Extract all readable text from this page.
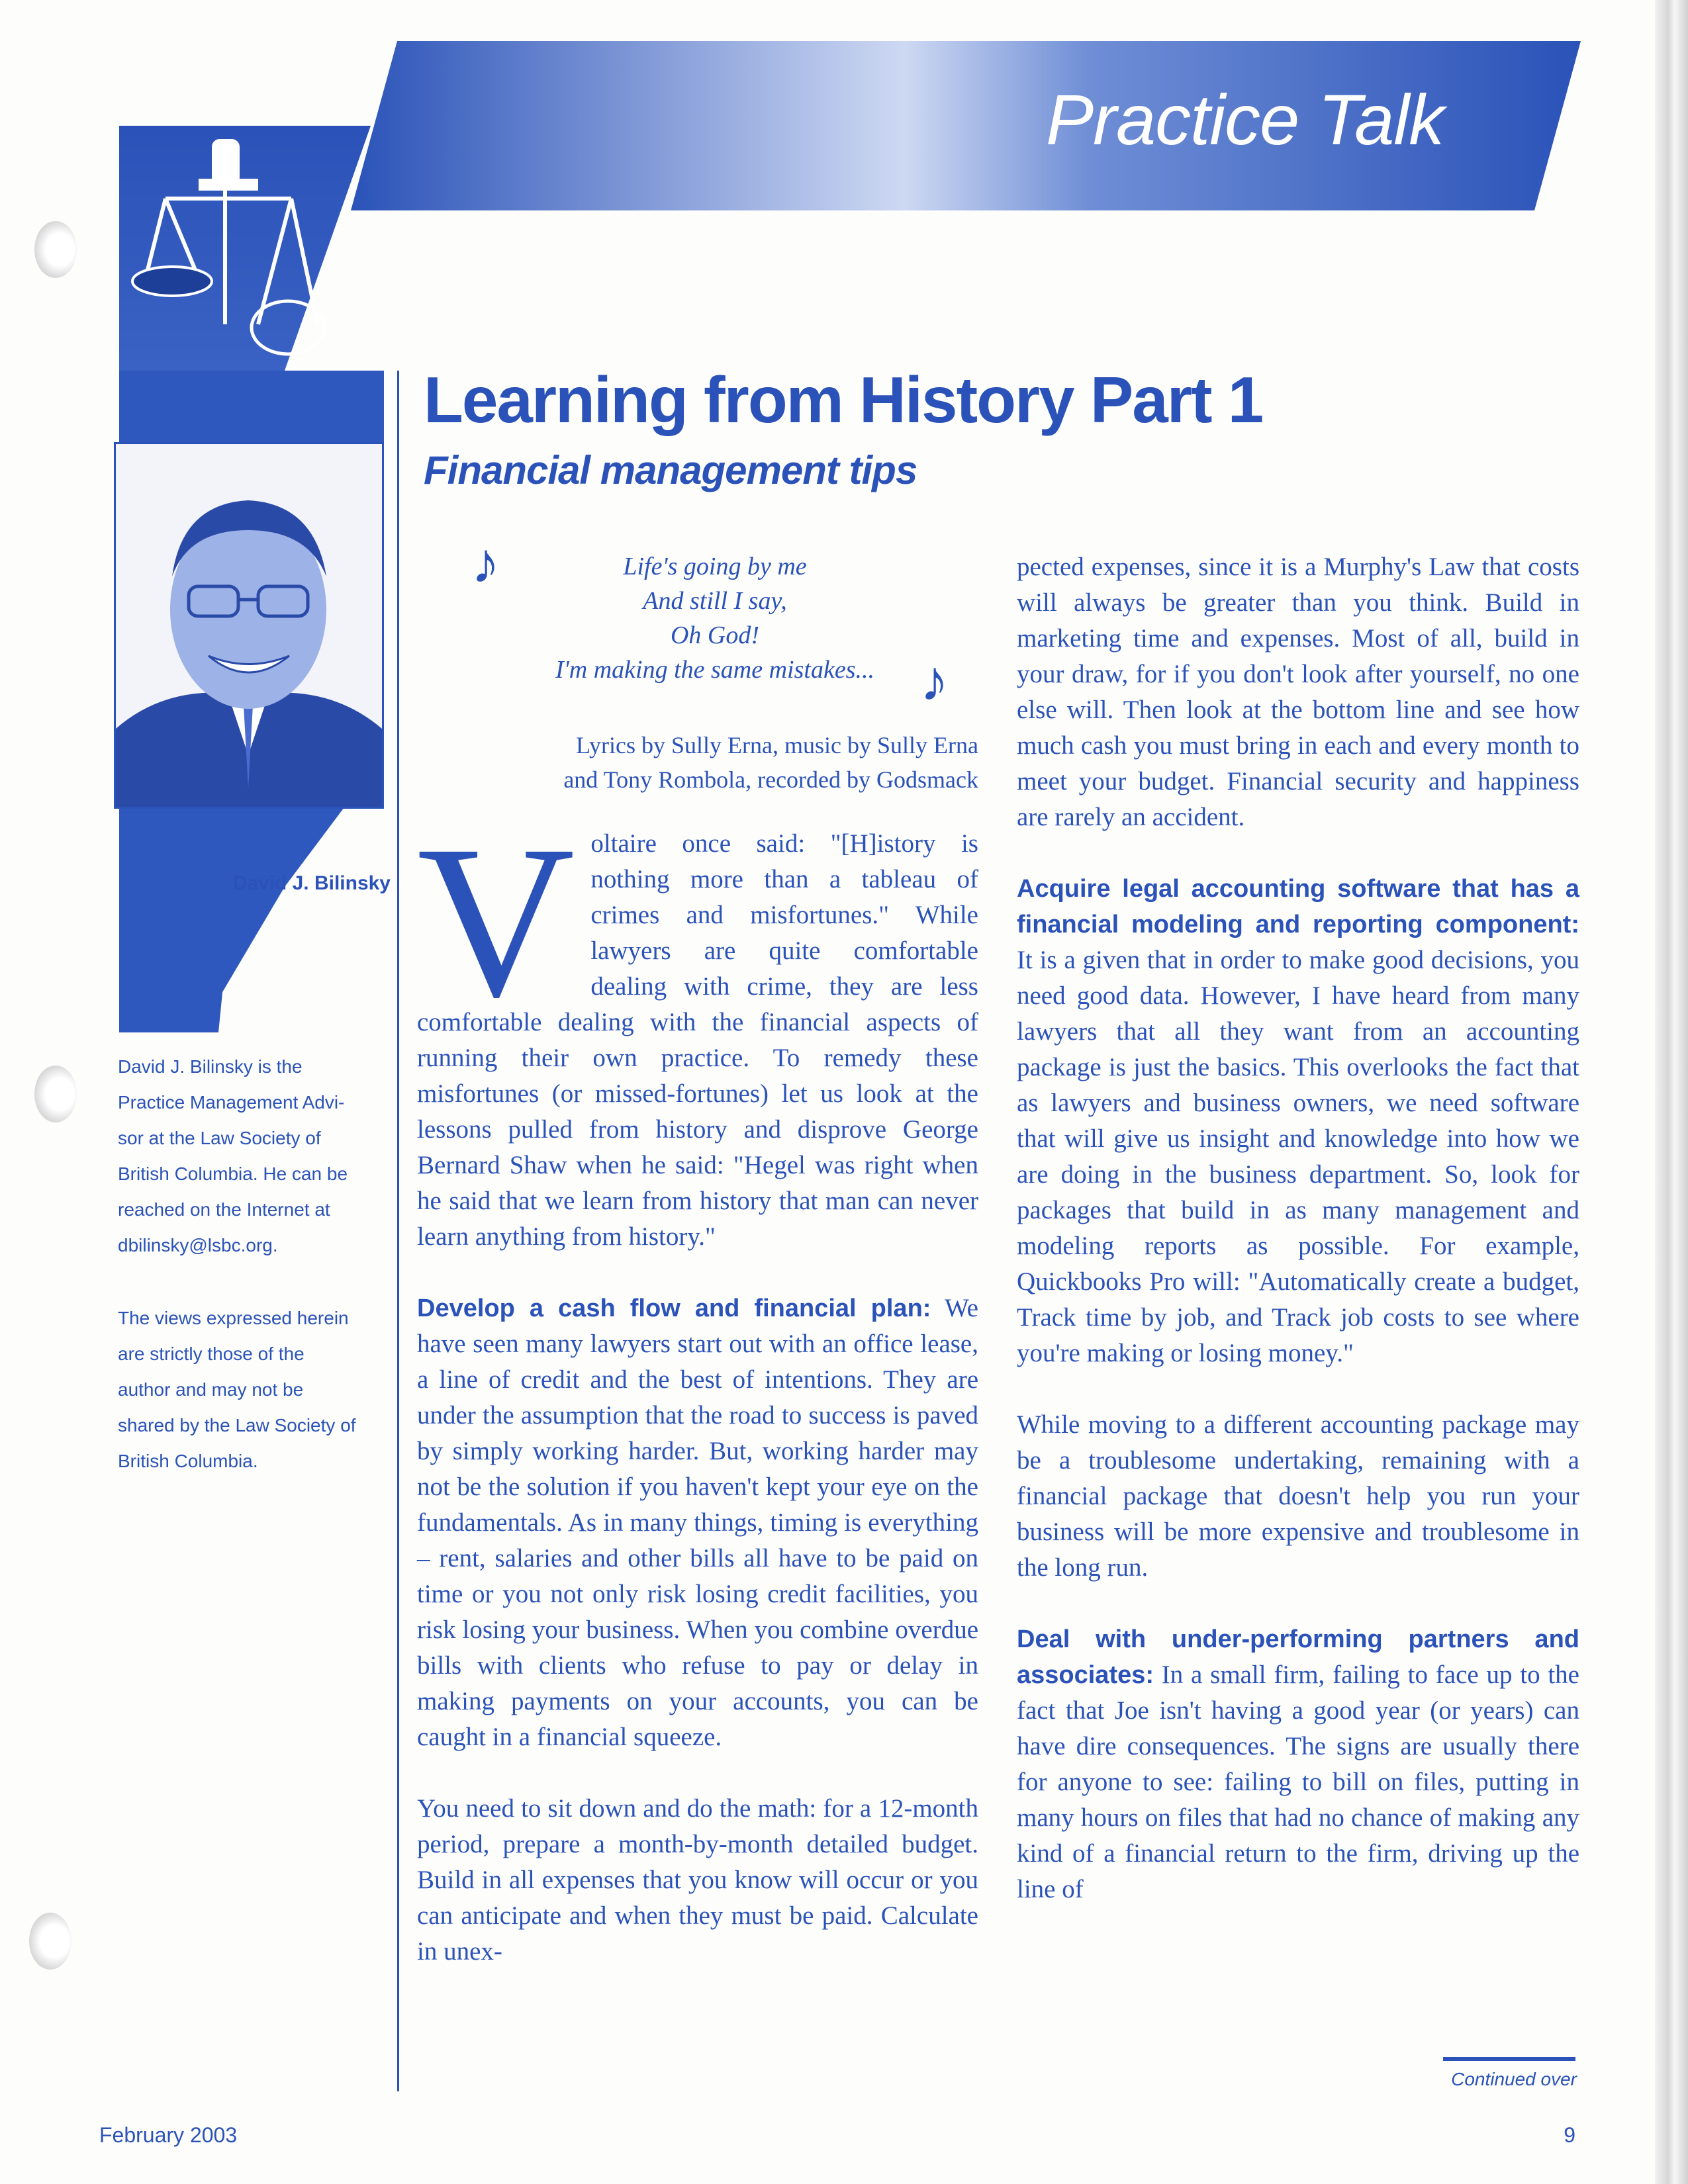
Practice Talk
Learning from History Part 1
Financial management tips
David J. Bilinsky
David J. Bilinsky is the
Practice Management Advi-
sor at the Law Society of
British Columbia. He can be
reached on the Internet at
dbilinsky@lsbc.org.
The views expressed herein
are strictly those of the
author and may not be
shared by the Law Society of
British Columbia.
♪
♪
Life's going by me
And still I say,
Oh God!
I'm making the same mistakes...
Lyrics by Sully Erna, music by Sully Erna
and Tony Rombola, recorded by Godsmack

Voltaire once said: "[H]istory is nothing more than a tableau of crimes and misfortunes." While lawyers are quite comfortable dealing with crime, they are less comfortable dealing with the financial aspects of running their own practice. To remedy these misfortunes (or missed-fortunes) let us look at the lessons pulled from history and disprove George Bernard Shaw when he said: "Hegel was right when he said that we learn from history that man can never learn anything from history."

Develop a cash flow and financial plan: We have seen many lawyers start out with an office lease, a line of credit and the best of intentions. They are under the assumption that the road to success is paved by simply working harder. But, working harder may not be the solution if you haven't kept your eye on the fundamentals. As in many things, timing is everything – rent, salaries and other bills all have to be paid on time or you not only risk losing credit facilities, you risk losing your business. When you combine overdue bills with clients who refuse to pay or delay in making payments on your accounts, you can be caught in a financial squeeze.

You need to sit down and do the math: for a 12-month period, prepare a month-by-month detailed budget. Build in all expenses that you know will occur or you can anticipate and when they must be paid. Calculate in unex-

pected expenses, since it is a Murphy's Law that costs will always be greater than you think. Build in marketing time and expenses. Most of all, build in your draw, for if you don't look after yourself, no one else will. Then look at the bottom line and see how much cash you must bring in each and every month to meet your budget. Financial security and happiness are rarely an accident.

Acquire legal accounting software that has a financial modeling and reporting component: It is a given that in order to make good decisions, you need good data. However, I have heard from many lawyers that all they want from an accounting package is just the basics. This overlooks the fact that as lawyers and business owners, we need software that will give us insight and knowledge into how we are doing in the business department. So, look for packages that build in as many management and modeling reports as possible. For example, Quickbooks Pro will: "Automatically create a budget, Track time by job, and Track job costs to see where you're making or losing money."

While moving to a different accounting package may be a troublesome undertaking, remaining with a financial package that doesn't help you run your business will be more expensive and troublesome in the long run.

Deal with under-performing partners and associates: In a small firm, failing to face up to the fact that Joe isn't having a good year (or years) can have dire consequences. The signs are usually there for anyone to see: failing to bill on files, putting in many hours on files that had no chance of making any kind of a financial return to the firm, driving up the line of

Continued over
February 2003	9
